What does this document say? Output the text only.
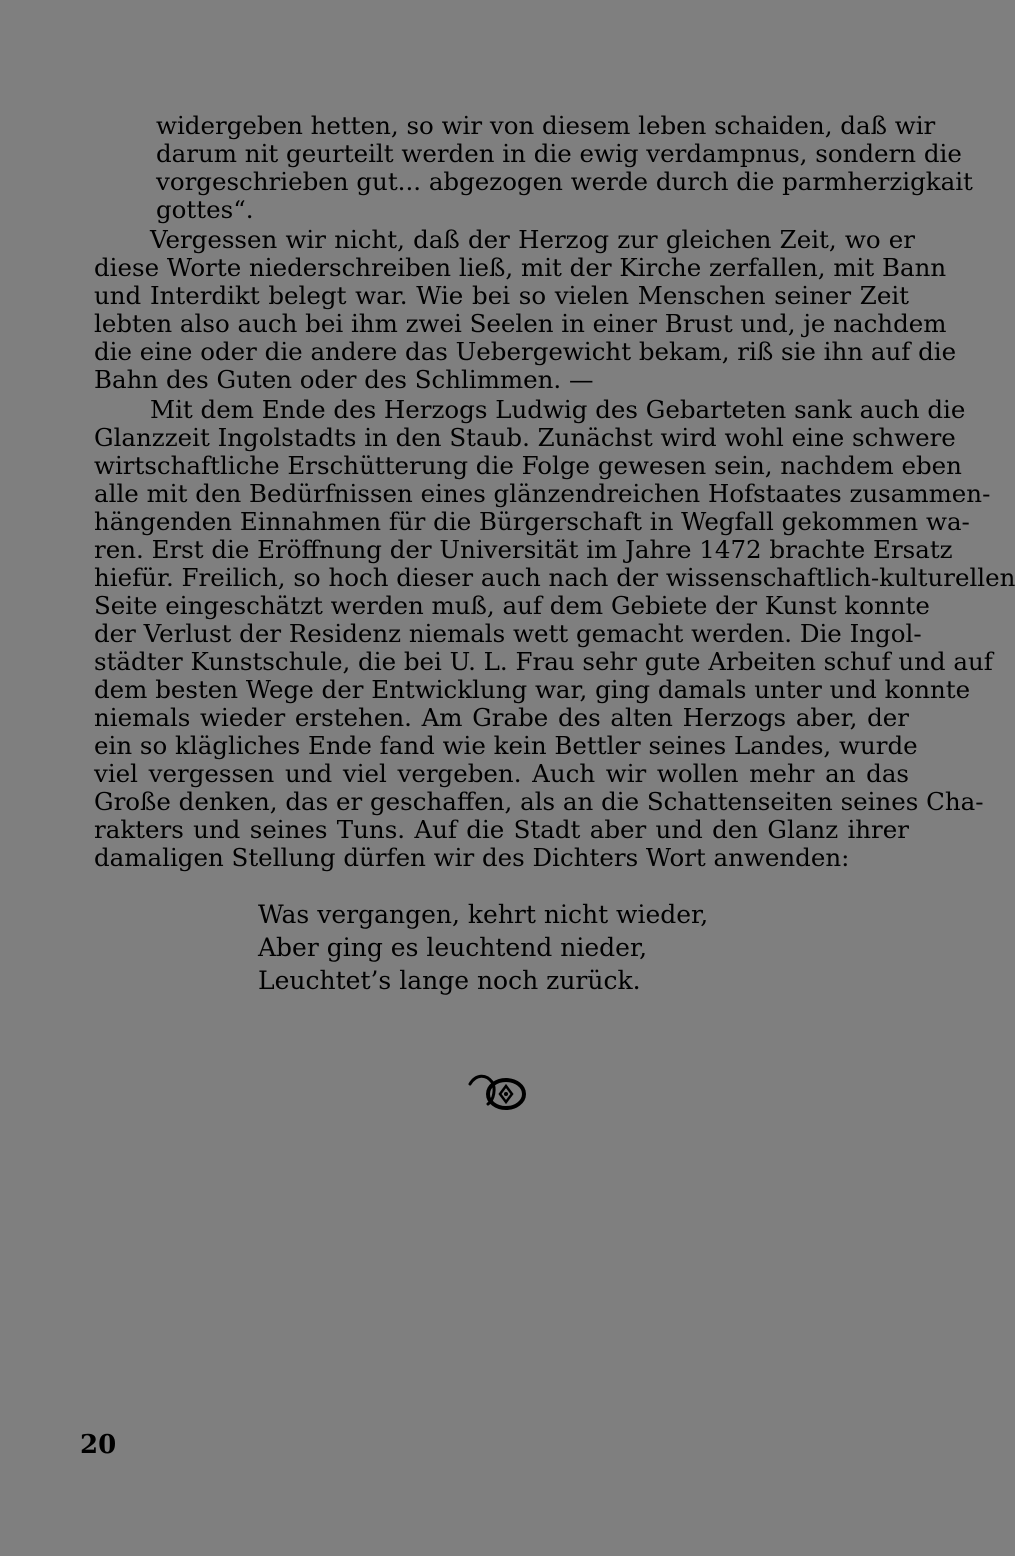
widergeben hetten, so wir von diesem leben schaiden, daß wir
darum nit geurteilt werden in die ewig verdampnus, sondern die
vorgeschrieben gut... abgezogen werde durch die parmherzigkait
gottes“.
Vergessen wir nicht, daß der Herzog zur gleichen Zeit, wo er
diese Worte niederschreiben ließ, mit der Kirche zerfallen, mit Bann
und Interdikt belegt war. Wie bei so vielen Menschen seiner Zeit
lebten also auch bei ihm zwei Seelen in einer Brust und, je nachdem
die eine oder die andere das Uebergewicht bekam, riß sie ihn auf die
Bahn des Guten oder des Schlimmen. —
Mit dem Ende des Herzogs Ludwig des Gebarteten sank auch die
Glanzzeit Ingolstadts in den Staub. Zunächst wird wohl eine schwere
wirtschaftliche Erschütterung die Folge gewesen sein, nachdem eben
alle mit den Bedürfnissen eines glänzendreichen Hofstaates zusammen-
hängenden Einnahmen für die Bürgerschaft in Wegfall gekommen wa-
ren. Erst die Eröffnung der Universität im Jahre 1472 brachte Ersatz
hiefür. Freilich, so hoch dieser auch nach der wissenschaftlich-kulturellen
Seite eingeschätzt werden muß, auf dem Gebiete der Kunst konnte
der Verlust der Residenz niemals wett gemacht werden. Die Ingol-
städter Kunstschule, die bei U. L. Frau sehr gute Arbeiten schuf und auf
dem besten Wege der Entwicklung war, ging damals unter und konnte
niemals wieder erstehen. Am Grabe des alten Herzogs aber, der
ein so klägliches Ende fand wie kein Bettler seines Landes, wurde
viel vergessen und viel vergeben. Auch wir wollen mehr an das
Große denken, das er geschaffen, als an die Schattenseiten seines Cha-
rakters und seines Tuns. Auf die Stadt aber und den Glanz ihrer
damaligen Stellung dürfen wir des Dichters Wort anwenden:
Was vergangen, kehrt nicht wieder,
Aber ging es leuchtend nieder,
Leuchtet’s lange noch zurück.
20
